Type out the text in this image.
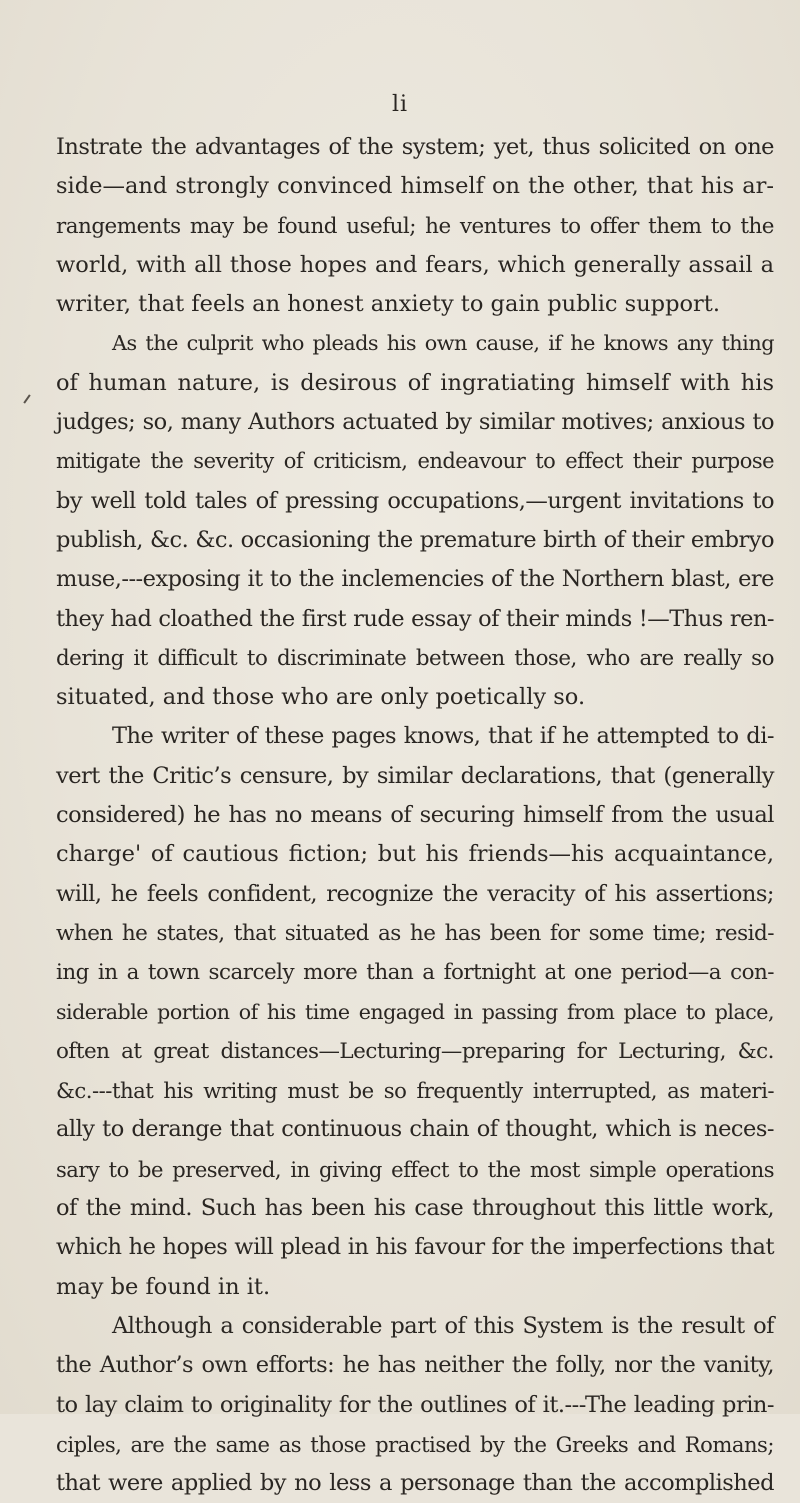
li
Instrate the advantages of the system; yet, thus solicited on one
side—and strongly convinced himself on the other, that his ar-
rangements may be found useful; he ventures to offer them to the
world, with all those hopes and fears, which generally assail a
writer, that feels an honest anxiety to gain public support.
As the culprit who pleads his own cause, if he knows any thing
of human nature, is desirous of ingratiating himself with his
judges; so, many Authors actuated by similar motives; anxious to
mitigate the severity of criticism, endeavour to effect their purpose
by well told tales of pressing occupations,—urgent invitations to
publish, &c. &c. occasioning the premature birth of their embryo
muse,---exposing it to the inclemencies of the Northern blast, ere
they had cloathed the first rude essay of their minds !—Thus ren-
dering it difficult to discriminate between those, who are really so
situated, and those who are only poetically so.
The writer of these pages knows, that if he attempted to di-
vert the Critic’s censure, by similar declarations, that (generally
considered) he has no means of securing himself from the usual
charge' of cautious fiction; but his friends—his acquaintance,
will, he feels confident, recognize the veracity of his assertions;
when he states, that situated as he has been for some time; resid-
ing in a town scarcely more than a fortnight at one period—a con-
siderable portion of his time engaged in passing from place to place,
often at great distances—Lecturing—preparing for Lecturing, &c.
&c.---that his writing must be so frequently interrupted, as materi-
ally to derange that continuous chain of thought, which is neces-
sary to be preserved, in giving effect to the most simple operations
of the mind. Such has been his case throughout this little work,
which he hopes will plead in his favour for the imperfections that
may be found in it.
Although a considerable part of this System is the result of
the Author’s own efforts: he has neither the folly, nor the vanity,
to lay claim to originality for the outlines of it.---The leading prin-
ciples, are the same as those practised by the Greeks and Romans;
that were applied by no less a personage than the accomplished
